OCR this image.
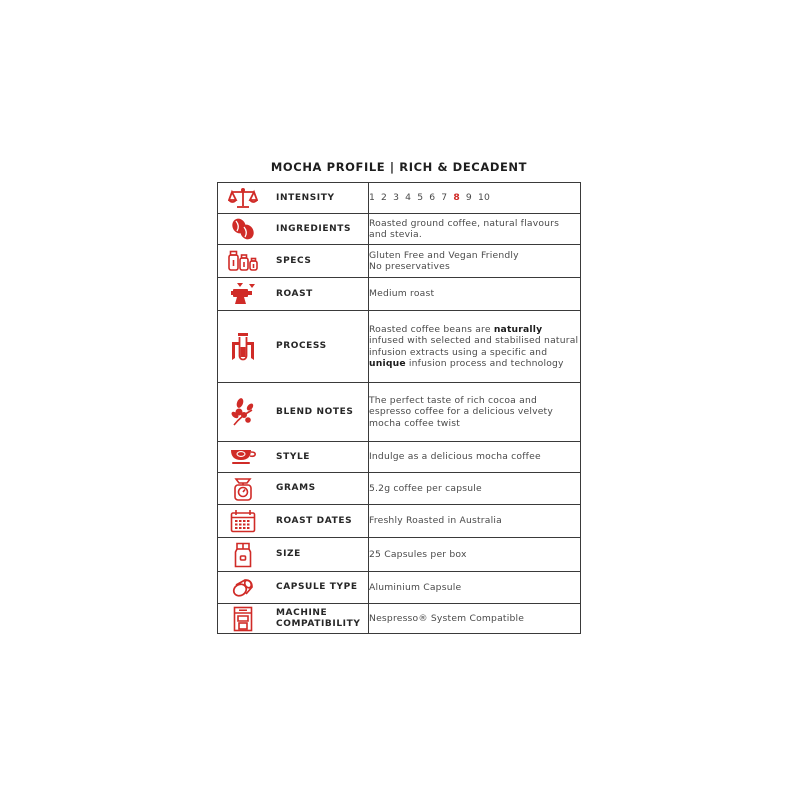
MOCHA PROFILE | RICH & DECADENT
INTENSITY	1 2 3 4 5 6 7 8 9 10

INGREDIENTS	Roasted ground coffee, natural flavours and stevia.

SPECS	Gluten Free and Vegan Friendly
No preservatives

ROAST	Medium roast

PROCESS	Roasted coffee beans are naturally infused with selected and stabilised natural infusion extracts using a specific and unique infusion process and technology

BLEND NOTES	The perfect taste of rich cocoa and espresso coffee for a delicious velvety mocha coffee twist

STYLE	Indulge as a delicious mocha coffee

GRAMS	5.2g coffee per capsule

ROAST DATES	Freshly Roasted in Australia

SIZE	25 Capsules per box

CAPSULE TYPE	Aluminium Capsule

MACHINE
COMPATIBILITY	Nespresso® System Compatible
